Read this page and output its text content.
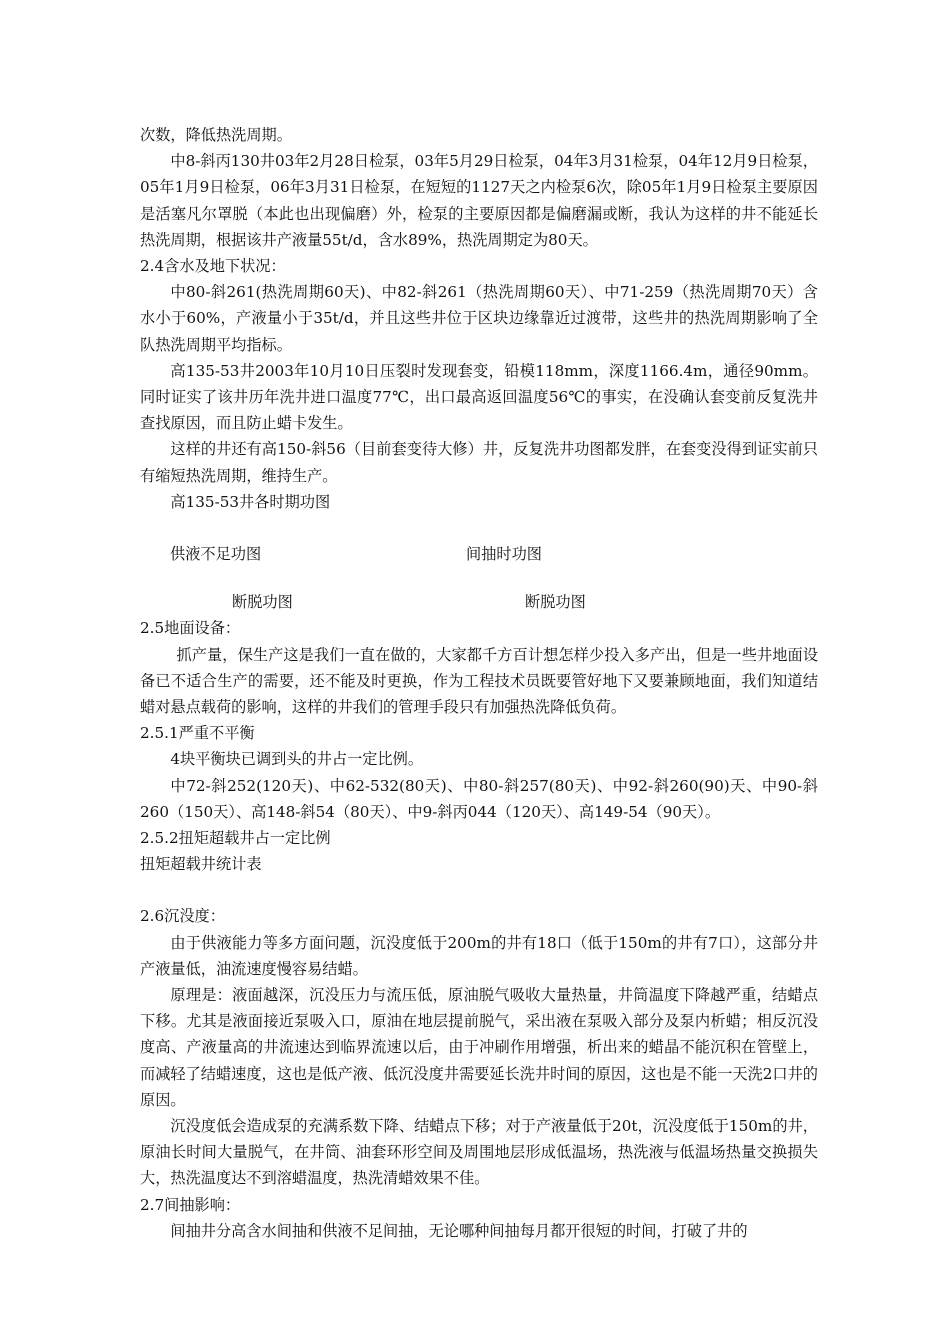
次数，降低热洗周期。

中8-斜丙130井03年2月28日检泵，03年5月29日检泵，04年3月31检泵，04年12月9日检泵，05年1月9日检泵，06年3月31日检泵，在短短的1127天之内检泵6次，除05年1月9日检泵主要原因是活塞凡尔罩脱（本此也出现偏磨）外，检泵的主要原因都是偏磨漏或断，我认为这样的井不能延长热洗周期，根据该井产液量55t/d，含水89%，热洗周期定为80天。

2.4含水及地下状况：

中80-斜261(热洗周期60天)、中82-斜261（热洗周期60天）、中71-259（热洗周期70天）含水小于60%，产液量小于35t/d，并且这些井位于区块边缘靠近过渡带，这些井的热洗周期影响了全队热洗周期平均指标。

高135-53井2003年10月10日压裂时发现套变，铅模118mm，深度1166.4m，通径90mm。同时证实了该井历年洗井进口温度77℃，出口最高返回温度56℃的事实，在没确认套变前反复洗井查找原因，而且防止蜡卡发生。

这样的井还有高150-斜56（目前套变待大修）井，反复洗井功图都发胖，在套变没得到证实前只有缩短热洗周期，维持生产。

高135-53井各时期功图

供液不足功图	间抽时功图
断脱功图	断脱功图

2.5地面设备：

抓产量，保生产这是我们一直在做的，大家都千方百计想怎样少投入多产出，但是一些井地面设备已不适合生产的需要，还不能及时更换，作为工程技术员既要管好地下又要兼顾地面，我们知道结蜡对悬点载荷的影响，这样的井我们的管理手段只有加强热洗降低负荷。

2.5.1严重不平衡

4块平衡块已调到头的井占一定比例。

中72-斜252(120天)、中62-532(80天)、中80-斜257(80天)、中92-斜260(90)天、中90-斜260（150天）、高148-斜54（80天）、中9-斜丙044（120天）、高149-54（90天）。

2.5.2扭矩超载井占一定比例

扭矩超载井统计表

2.6沉没度：

由于供液能力等多方面问题，沉没度低于200m的井有18口（低于150m的井有7口），这部分井产液量低，油流速度慢容易结蜡。

原理是：液面越深，沉没压力与流压低，原油脱气吸收大量热量，井筒温度下降越严重，结蜡点下移。尤其是液面接近泵吸入口，原油在地层提前脱气，采出液在泵吸入部分及泵内析蜡；相反沉没度高、产液量高的井流速达到临界流速以后，由于冲刷作用增强，析出来的蜡晶不能沉积在管壁上，而减轻了结蜡速度，这也是低产液、低沉没度井需要延长洗井时间的原因，这也是不能一天洗2口井的原因。

沉没度低会造成泵的充满系数下降、结蜡点下移；对于产液量低于20t，沉没度低于150m的井，原油长时间大量脱气，在井筒、油套环形空间及周围地层形成低温场，热洗液与低温场热量交换损失大，热洗温度达不到溶蜡温度，热洗清蜡效果不佳。

2.7间抽影响：

间抽井分高含水间抽和供液不足间抽，无论哪种间抽每月都开很短的时间，打破了井的
